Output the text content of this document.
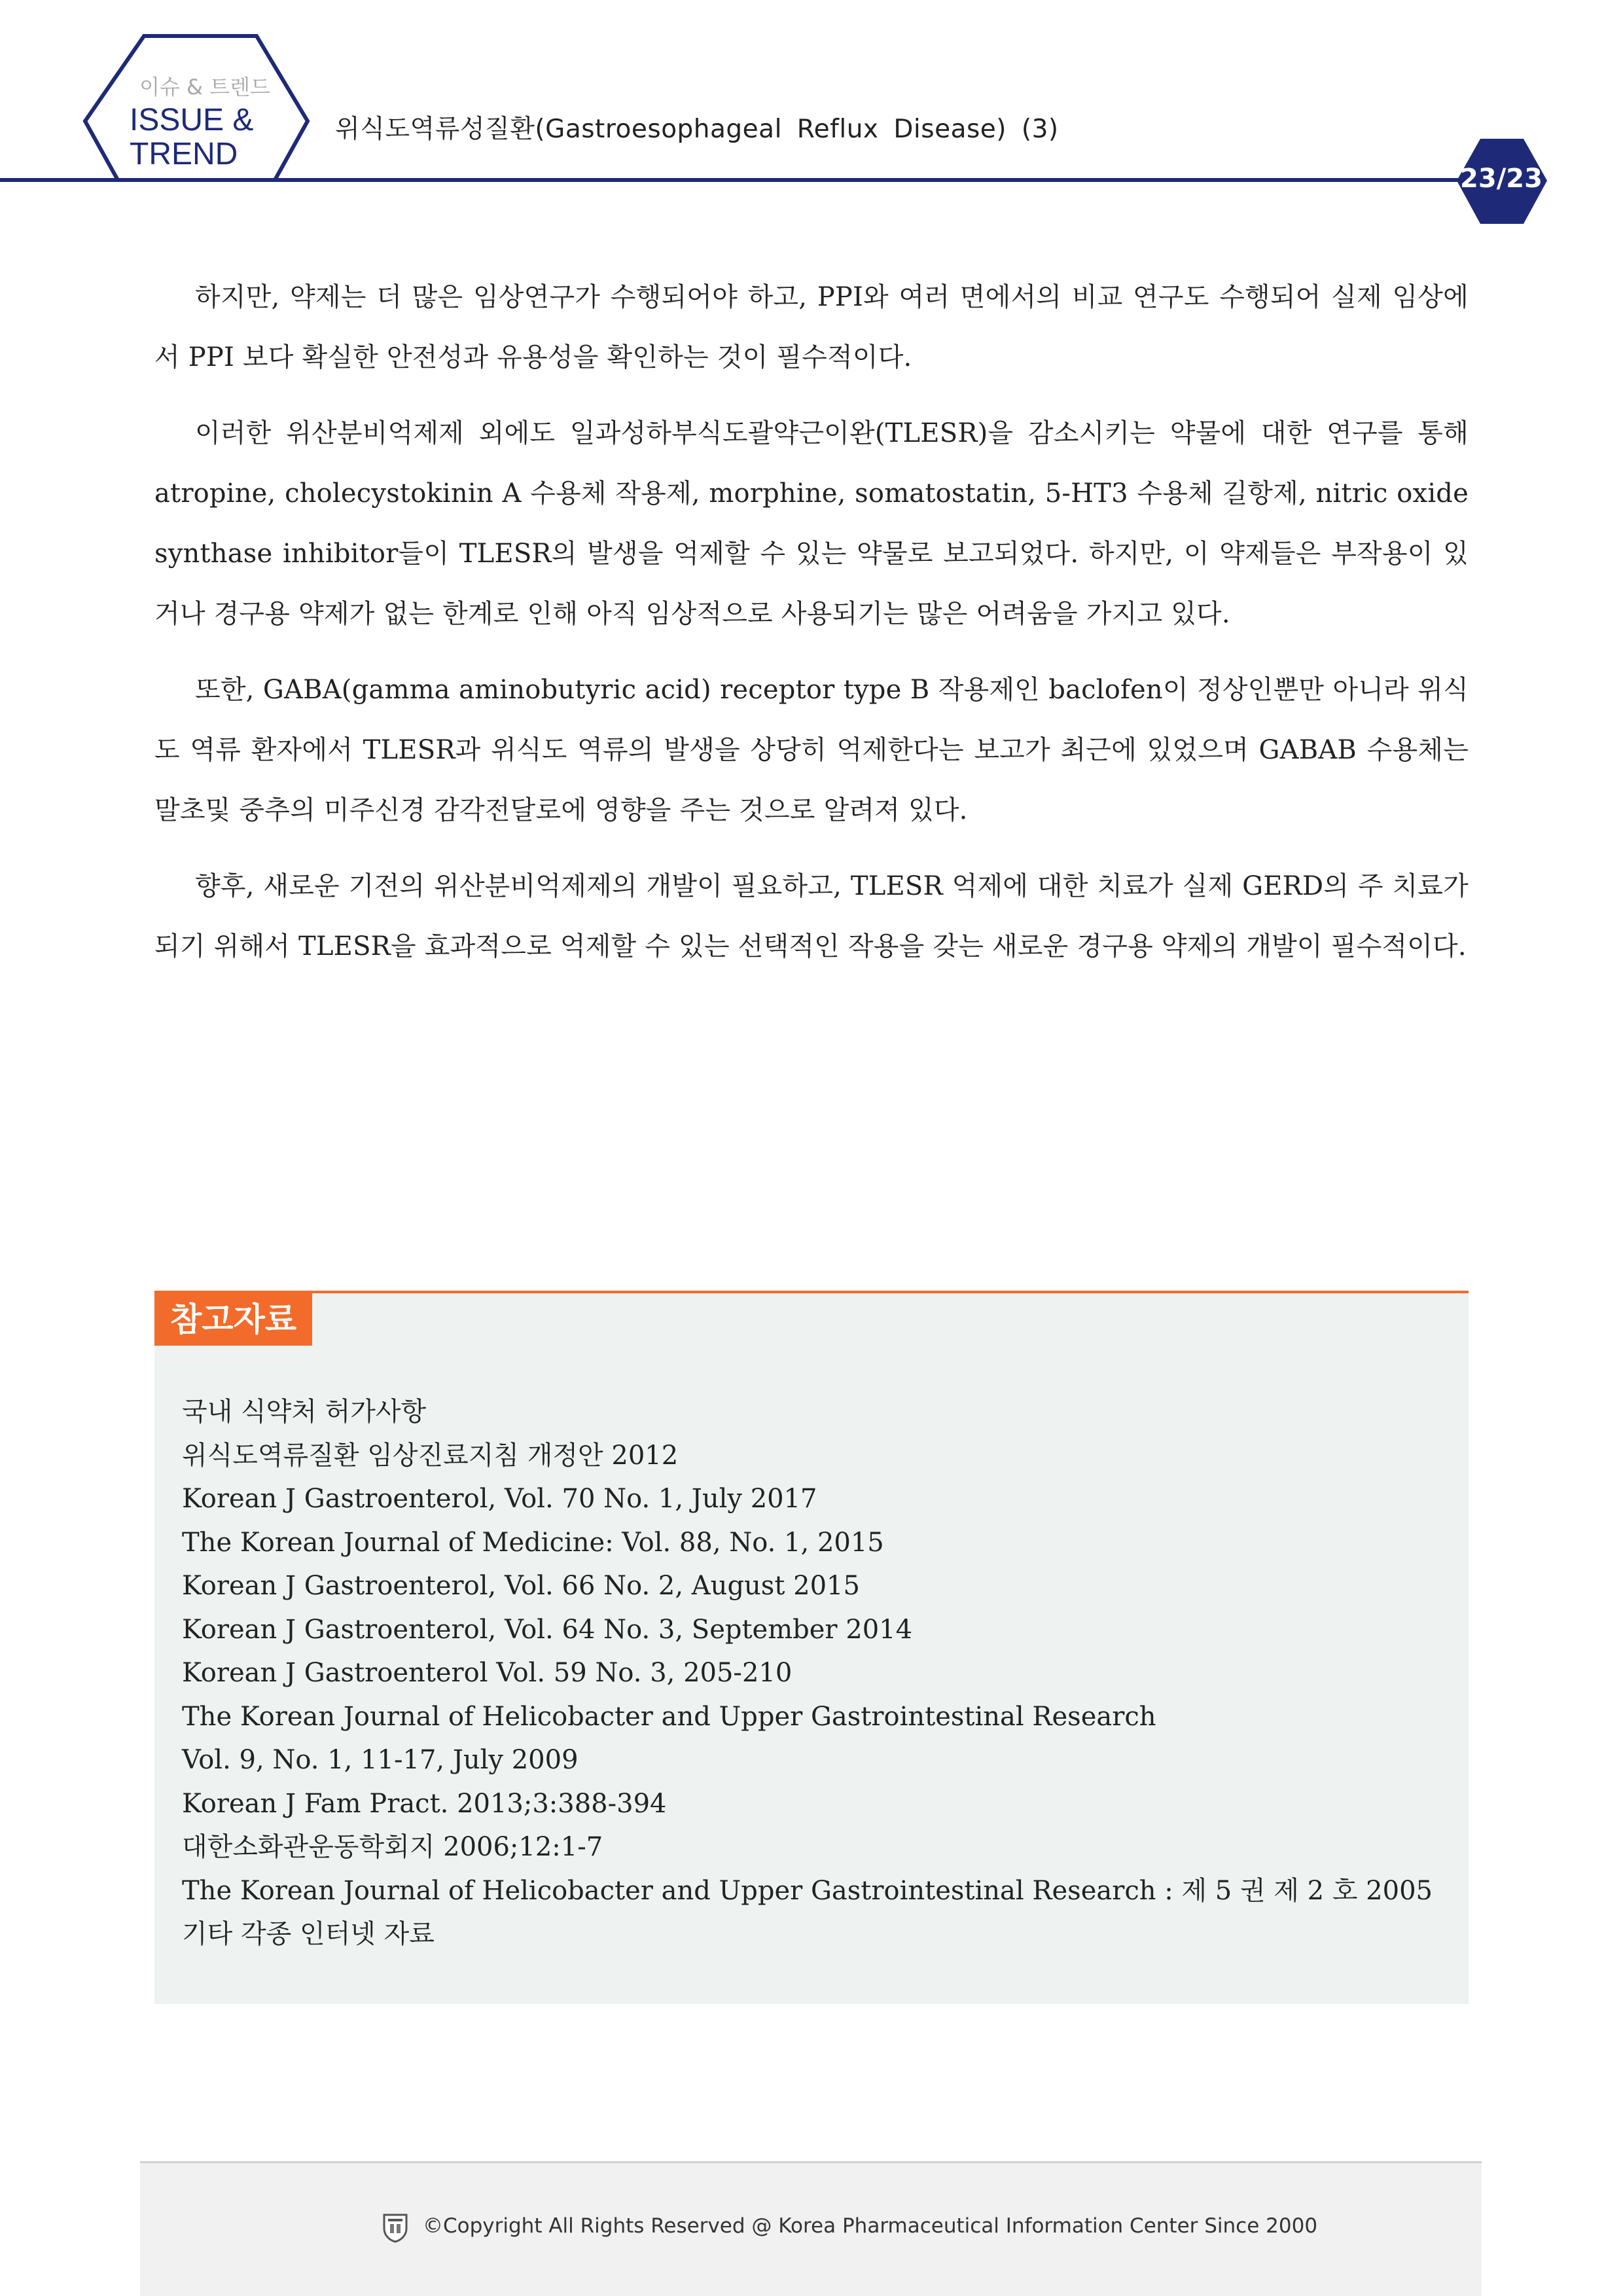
이슈 & 트렌드
ISSUE &
TREND
위식도역류성질환(Gastroesophageal Reflux Disease) (3)
23/23

하지만, 약제는 더 많은 임상연구가 수행되어야 하고, PPI와 여러 면에서의 비교 연구도 수행되어 실제 임상에서 PPI 보다 확실한 안전성과 유용성을 확인하는 것이 필수적이다.

이러한 위산분비억제제 외에도 일과성하부식도괄약근이완(TLESR)을 감소시키는 약물에 대한 연구를 통해 atropine, cholecystokinin A 수용체 작용제, morphine, somatostatin, 5-HT3 수용체 길항제, nitric oxide synthase inhibitor들이 TLESR의 발생을 억제할 수 있는 약물로 보고되었다. 하지만, 이 약제들은 부작용이 있거나 경구용 약제가 없는 한계로 인해 아직 임상적으로 사용되기는 많은 어려움을 가지고 있다.

또한, GABA(gamma aminobutyric acid) receptor type B 작용제인 baclofen이 정상인뿐만 아니라 위식도 역류 환자에서 TLESR과 위식도 역류의 발생을 상당히 억제한다는 보고가 최근에 있었으며 GABAB 수용체는 말초및 중추의 미주신경 감각전달로에 영향을 주는 것으로 알려져 있다.

향후, 새로운 기전의 위산분비억제제의 개발이 필요하고, TLESR 억제에 대한 치료가 실제 GERD의 주 치료가 되기 위해서 TLESR을 효과적으로 억제할 수 있는 선택적인 작용을 갖는 새로운 경구용 약제의 개발이 필수적이다.

참고자료
국내 식약처 허가사항
위식도역류질환 임상진료지침 개정안 2012
Korean J Gastroenterol, Vol. 70 No. 1, July 2017
The Korean Journal of Medicine: Vol. 88, No. 1, 2015
Korean J Gastroenterol, Vol. 66 No. 2, August 2015
Korean J Gastroenterol, Vol. 64 No. 3, September 2014
Korean J Gastroenterol Vol. 59 No. 3, 205-210
The Korean Journal of Helicobacter and Upper Gastrointestinal Research
Vol. 9, No. 1, 11-17, July 2009
Korean J Fam Pract. 2013;3:388-394
대한소화관운동학회지 2006;12:1-7
The Korean Journal of Helicobacter and Upper Gastrointestinal Research : 제 5 권 제 2 호 2005
기타 각종 인터넷 자료
©Copyright All Rights Reserved @ Korea Pharmaceutical Information Center Since 2000
